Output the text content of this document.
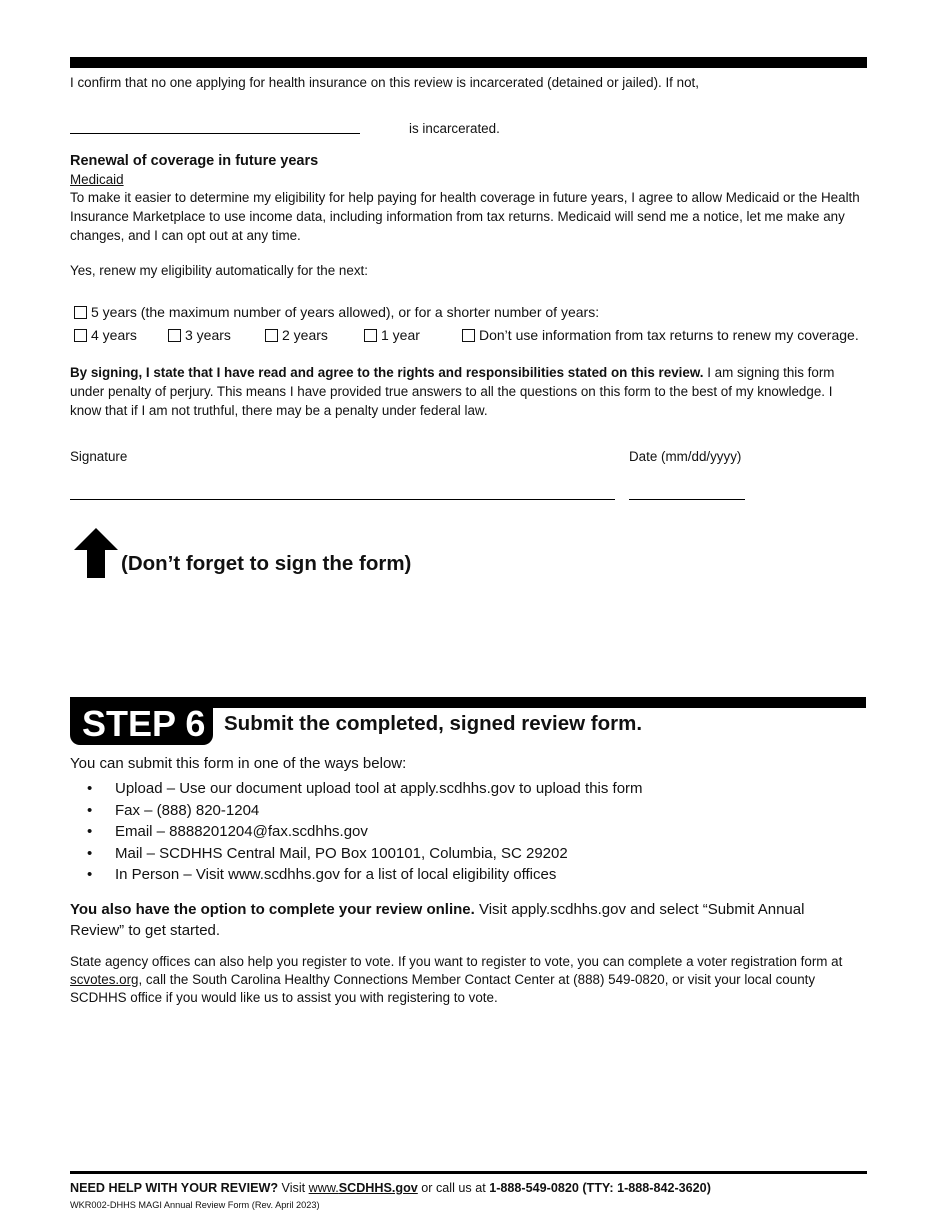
I confirm that no one applying for health insurance on this review is incarcerated (detained or jailed). If not,
is incarcerated.
Renewal of coverage in future years
Medicaid
To make it easier to determine my eligibility for help paying for health coverage in future years, I agree to allow Medicaid or the Health Insurance Marketplace to use income data, including information from tax returns. Medicaid will send me a notice, let me make any changes, and I can opt out at any time.
Yes, renew my eligibility automatically for the next:
5 years (the maximum number of years allowed), or for a shorter number of years:
4 years	3 years	2 years	1 year	Don’t use information from tax returns to renew my coverage.
By signing, I state that I have read and agree to the rights and responsibilities stated on this review. I am signing this form under penalty of perjury. This means I have provided true answers to all the questions on this form to the best of my knowledge. I know that if I am not truthful, there may be a penalty under federal law.
Signature	Date (mm/dd/yyyy)
(Don’t forget to sign the form)
STEP 6 Submit the completed, signed review form.
You can submit this form in one of the ways below:
• Upload – Use our document upload tool at apply.scdhhs.gov to upload this form
• Fax – (888) 820-1204
• Email – 8888201204@fax.scdhhs.gov
• Mail – SCDHHS Central Mail, PO Box 100101, Columbia, SC 29202
• In Person – Visit www.scdhhs.gov for a list of local eligibility offices
You also have the option to complete your review online. Visit apply.scdhhs.gov and select “Submit Annual Review” to get started.
State agency offices can also help you register to vote. If you want to register to vote, you can complete a voter registration form at scvotes.org, call the South Carolina Healthy Connections Member Contact Center at (888) 549-0820, or visit your local county SCDHHS office if you would like us to assist you with registering to vote.
NEED HELP WITH YOUR REVIEW? Visit www.SCDHHS.gov or call us at 1-888-549-0820 (TTY: 1-888-842-3620)
WKR002-DHHS MAGI Annual Review Form (Rev. April 2023)
